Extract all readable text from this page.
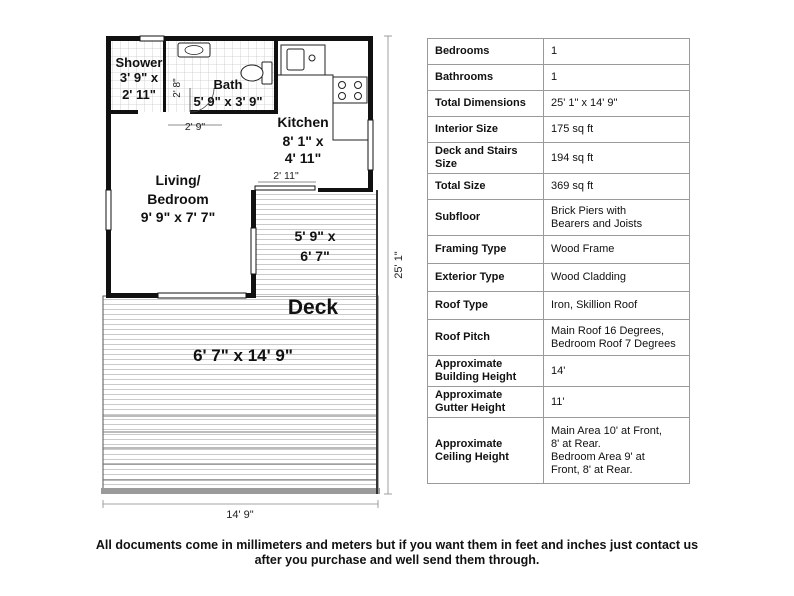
Shower
3' 9" x
2' 11"
Bath
5' 9" x 3' 9"
Kitchen
8' 1" x
4' 11"
Living/
Bedroom
9' 9" x 7' 7"
5' 9" x
6' 7"
Deck
6' 7" x 14' 9"
2' 8"
2' 9"
2' 11"
25' 1"
14' 9"
Bedrooms	1
Bathrooms	1
Total Dimensions	25' 1" x 14' 9"
Interior Size	175 sq ft
Deck and Stairs Size	194 sq ft
Total Size	369 sq ft
Subfloor	Brick Piers with
Bearers and Joists
Framing Type	Wood Frame
Exterior Type	Wood Cladding
Roof Type	Iron, Skillion Roof
Roof Pitch	Main Roof 16 Degrees,
Bedroom Roof 7 Degrees
Approximate Building Height	14'
Approximate Gutter Height	11'
Approximate Ceiling Height	Main Area 10' at Front,
8' at Rear.
Bedroom Area 9' at
Front, 8' at Rear.
All documents come in millimeters and meters but if you want them in feet and inches just contact us
after you purchase and well send them through.
